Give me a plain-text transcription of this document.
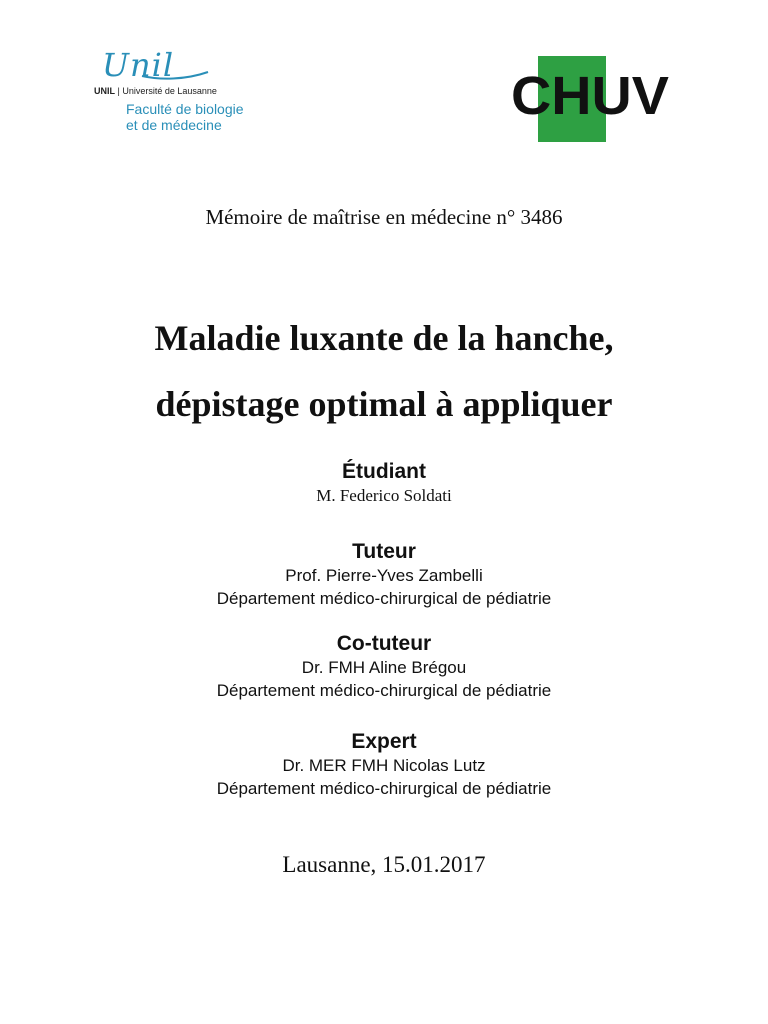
Unil
UNIL | Université de Lausanne
Faculté de biologie
et de médecine	CHUV
Mémoire de maîtrise en médecine n° 3486
Maladie luxante de la hanche,
dépistage optimal à appliquer
Étudiant
M. Federico Soldati
Tuteur
Prof. Pierre-Yves Zambelli
Département médico-chirurgical de pédiatrie
Co-tuteur
Dr. FMH Aline Brégou
Département médico-chirurgical de pédiatrie
Expert
Dr. MER FMH Nicolas Lutz
Département médico-chirurgical de pédiatrie
Lausanne, 15.01.2017
